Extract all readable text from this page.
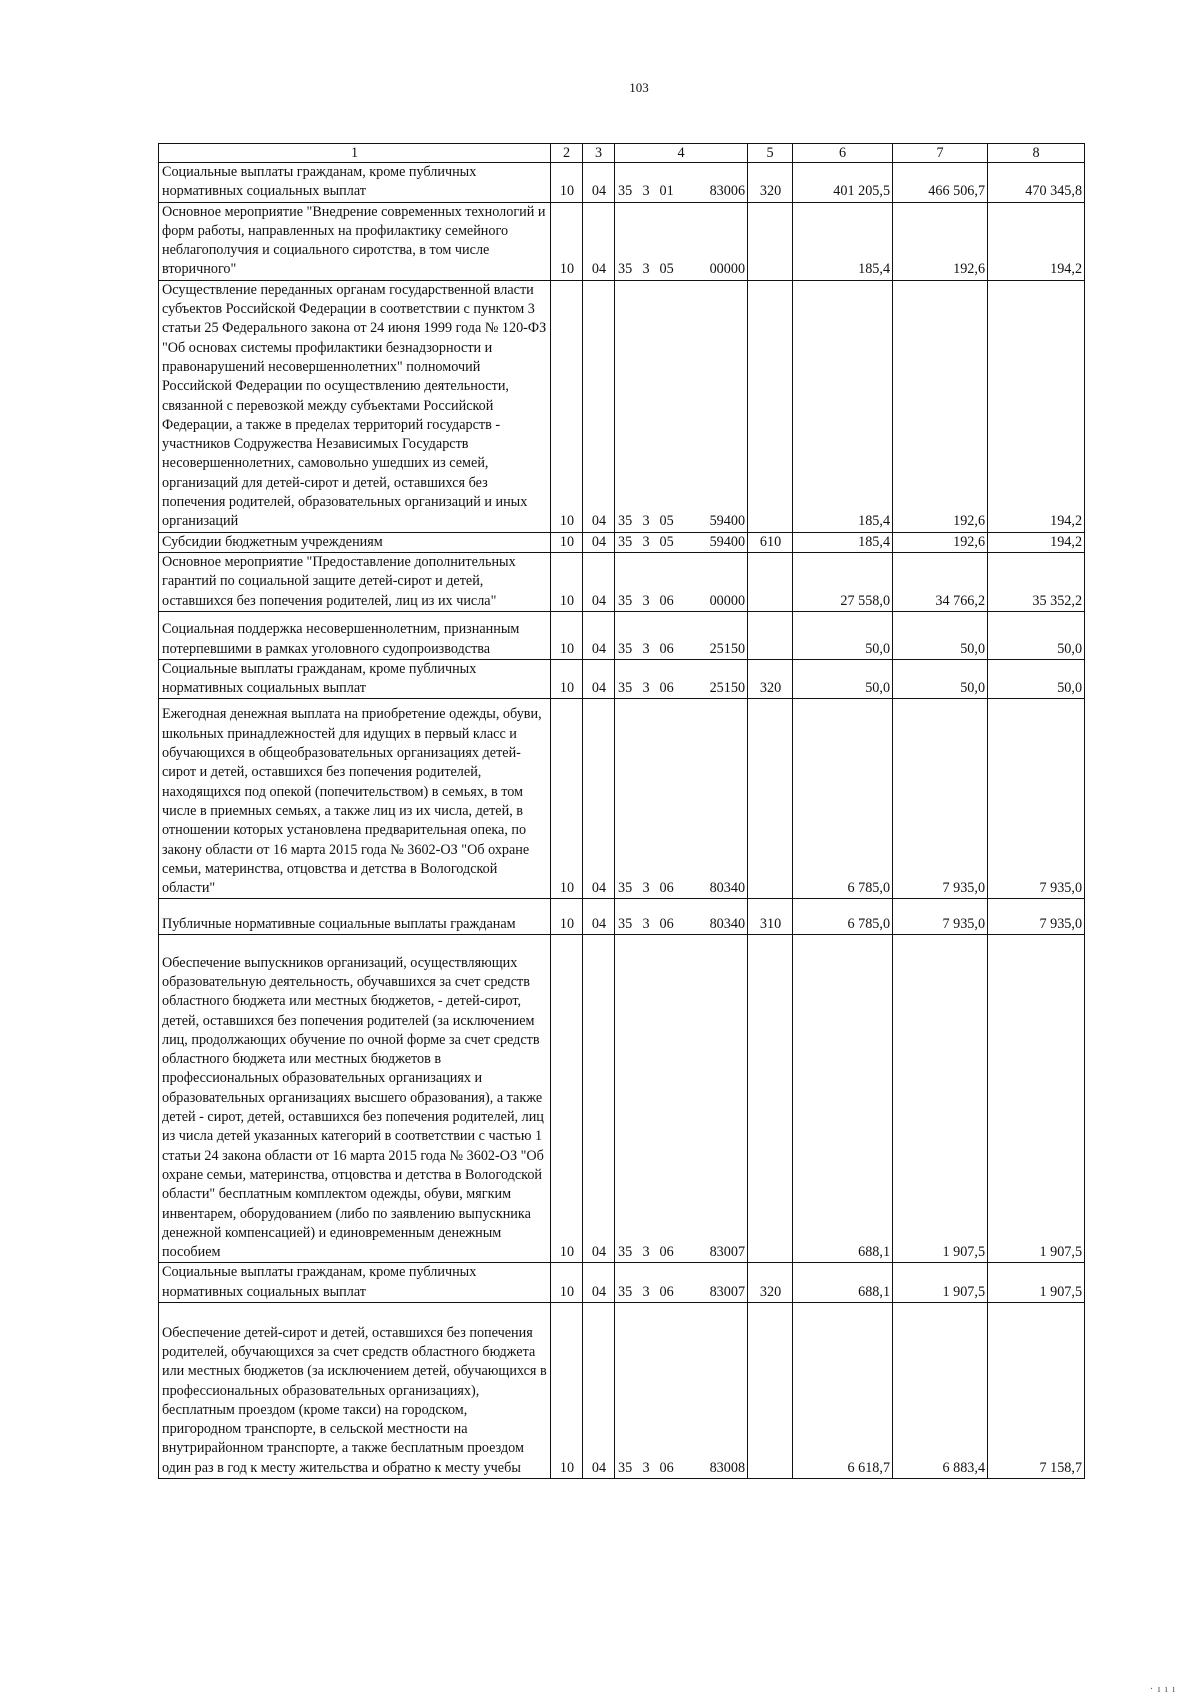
103
1	2	3	4				5	6	7	8
Социальные выплаты гражданам, кроме публичных нормативных социальных выплат	10	04	35	3	01	83006	320	401 205,5	466 506,7	470 345,8
Основное мероприятие "Внедрение современных технологий и форм работы, направленных на профилактику семейного неблагополучия и социального сиротства, в том числе вторичного"	10	04	35	3	05	00000		185,4	192,6	194,2
Осуществление переданных органам государственной власти субъектов Российской Федерации в соответствии с пунктом 3 статьи 25 Федерального закона от 24 июня 1999 года № 120-ФЗ "Об основах системы профилактики безнадзорности и правонарушений несовершеннолетних" полномочий Российской Федерации по осуществлению деятельности, связанной с перевозкой между субъектами Российской Федерации, а также в пределах территорий государств - участников Содружества Независимых Государств несовершеннолетних, самовольно ушедших из семей, организаций для детей-сирот и детей, оставшихся без попечения родителей, образовательных организаций и иных организаций	10	04	35	3	05	59400		185,4	192,6	194,2
Субсидии бюджетным учреждениям	10	04	35	3	05	59400	610	185,4	192,6	194,2
Основное мероприятие "Предоставление дополнительных гарантий по социальной защите детей-сирот и детей, оставшихся без попечения родителей, лиц из их числа"	10	04	35	3	06	00000		27 558,0	34 766,2	35 352,2
Социальная поддержка несовершеннолетним, признанным потерпевшими в рамках уголовного судопроизводства	10	04	35	3	06	25150		50,0	50,0	50,0
Социальные выплаты гражданам, кроме публичных нормативных социальных выплат	10	04	35	3	06	25150	320	50,0	50,0	50,0
Ежегодная денежная выплата на приобретение одежды, обуви, школьных принадлежностей для идущих в первый класс и обучающихся в общеобразовательных организациях детей-сирот и детей, оставшихся без попечения родителей, находящихся под опекой (попечительством) в семьях, в том числе в приемных семьях, а также лиц из их числа, детей, в отношении которых установлена предварительная опека, по закону области от 16 марта 2015 года № 3602-ОЗ "Об охране семьи, материнства, отцовства и детства в Вологодской области"	10	04	35	3	06	80340		6 785,0	7 935,0	7 935,0
Публичные нормативные социальные выплаты гражданам	10	04	35	3	06	80340	310	6 785,0	7 935,0	7 935,0
Обеспечение выпускников организаций, осуществляющих образовательную деятельность, обучавшихся за счет средств областного бюджета или местных бюджетов, - детей-сирот, детей, оставшихся без попечения родителей (за исключением лиц, продолжающих обучение по очной форме за счет средств областного бюджета или местных бюджетов в профессиональных образовательных организациях и образовательных организациях высшего образования), а также детей - сирот, детей, оставшихся без попечения родителей, лиц из числа детей указанных категорий в соответствии с частью 1 статьи 24 закона области от 16 марта 2015 года № 3602-ОЗ "Об охране семьи, материнства, отцовства и детства в Вологодской области" бесплатным комплектом одежды, обуви, мягким инвентарем, оборудованием (либо по заявлению выпускника денежной компенсацией) и единовременным денежным пособием	10	04	35	3	06	83007		688,1	1 907,5	1 907,5
Социальные выплаты гражданам, кроме публичных нормативных социальных выплат	10	04	35	3	06	83007	320	688,1	1 907,5	1 907,5
Обеспечение детей-сирот и детей, оставшихся без попечения родителей, обучающихся за счет средств областного бюджета или местных бюджетов (за исключением детей, обучающихся в профессиональных образовательных организациях), бесплатным проездом (кроме такси) на городском, пригородном транспорте, в сельской местности на внутрирайонном транспорте, а также бесплатным проездом один раз в год к месту жительства и обратно к месту учебы	10	04	35	3	06	83008		6 618,7	6 883,4	7 158,7
· ı ı ı
